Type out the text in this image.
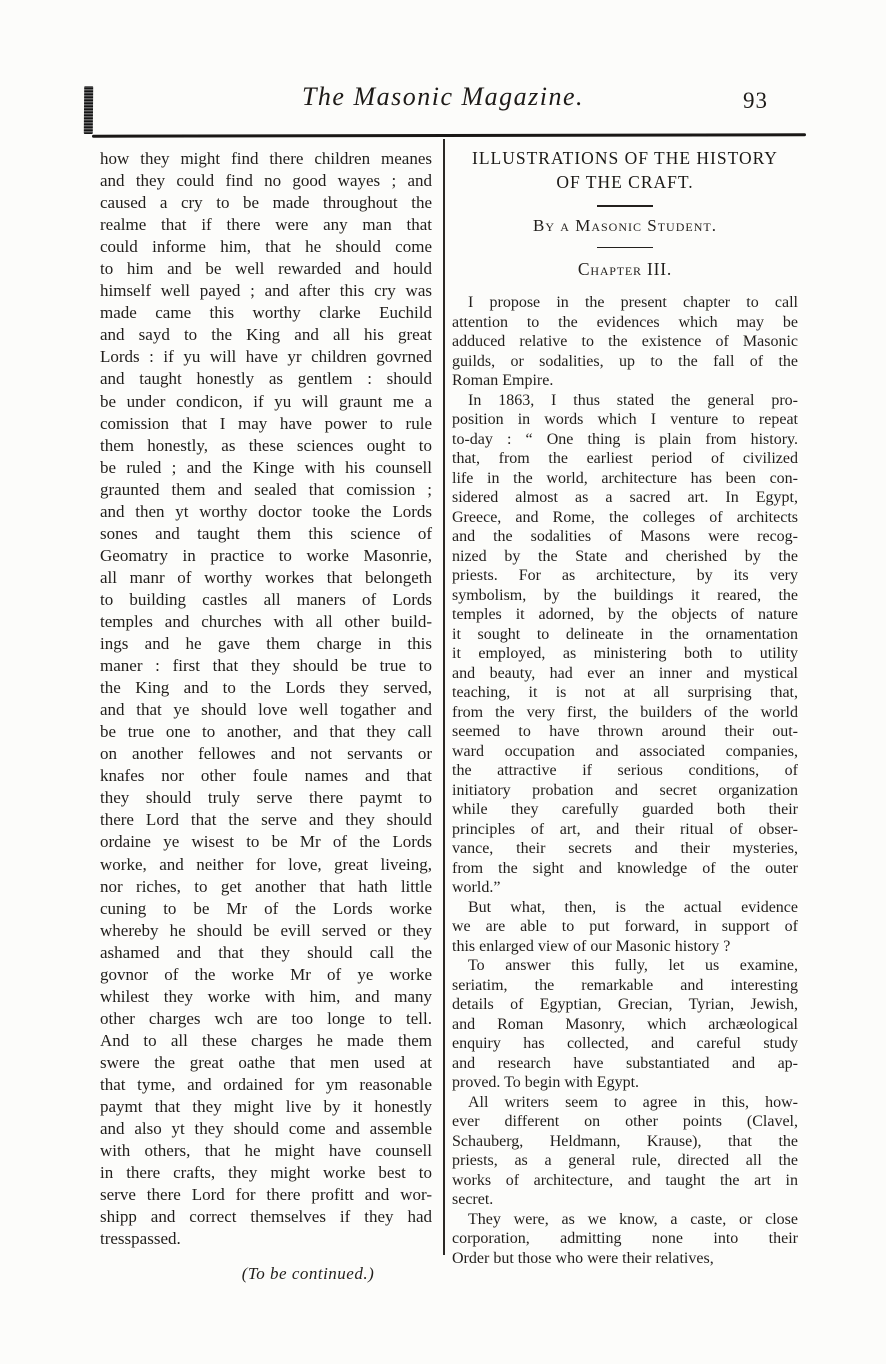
The Masonic Magazine.	93
how they might find there children meanes
and they could find no good wayes ; and
caused a cry to be made throughout the
realme that if there were any man that
could informe him, that he should come
to him and be well rewarded and hould
himself well payed ; and after this cry was
made came this worthy clarke Euchild
and sayd to the King and all his great
Lords : if yu will have yr children govrned
and taught honestly as gentlem : should
be under condicon, if yu will graunt me a
comission that I may have power to rule
them honestly, as these sciences ought to
be ruled ; and the Kinge with his counsell
graunted them and sealed that comission ;
and then yt worthy doctor tooke the Lords
sones and taught them this science of
Geomatry in practice to worke Masonrie,
all manr of worthy workes that belongeth
to building castles all maners of Lords
temples and churches with all other build-
ings and he gave them charge in this
maner : first that they should be true to
the King and to the Lords they served,
and that ye should love well togather and
be true one to another, and that they call
on another fellowes and not servants or
knafes nor other foule names and that
they should truly serve there paymt to
there Lord that the serve and they should
ordaine ye wisest to be Mr of the Lords
worke, and neither for love, great liveing,
nor riches, to get another that hath little
cuning to be Mr of the Lords worke
whereby he should be evill served or they
ashamed and that they should call the
govnor of the worke Mr of ye worke
whilest they worke with him, and many
other charges wch are too longe to tell.
And to all these charges he made them
swere the great oathe that men used at
that tyme, and ordained for ym reasonable
paymt that they might live by it honestly
and also yt they should come and assemble
with others, that he might have counsell
in there crafts, they might worke best to
serve there Lord for there profitt and wor-
shipp and correct themselves if they had
tresspassed.
(To be continued.)
ILLUSTRATIONS OF THE HISTORY
OF THE CRAFT.
By a Masonic Student.
Chapter III.
I propose in the present chapter to call
attention to the evidences which may be
adduced relative to the existence of Masonic
guilds, or sodalities, up to the fall of the
Roman Empire.
In 1863, I thus stated the general pro-
position in words which I venture to repeat
to-day : “ One thing is plain from history.
that, from the earliest period of civilized
life in the world, architecture has been con-
sidered almost as a sacred art. In Egypt,
Greece, and Rome, the colleges of architects
and the sodalities of Masons were recog-
nized by the State and cherished by the
priests. For as architecture, by its very
symbolism, by the buildings it reared, the
temples it adorned, by the objects of nature
it sought to delineate in the ornamentation
it employed, as ministering both to utility
and beauty, had ever an inner and mystical
teaching, it is not at all surprising that,
from the very first, the builders of the world
seemed to have thrown around their out-
ward occupation and associated companies,
the attractive if serious conditions, of
initiatory probation and secret organization
while they carefully guarded both their
principles of art, and their ritual of obser-
vance, their secrets and their mysteries,
from the sight and knowledge of the outer
world.”
But what, then, is the actual evidence
we are able to put forward, in support of
this enlarged view of our Masonic history ?
To answer this fully, let us examine,
seriatim, the remarkable and interesting
details of Egyptian, Grecian, Tyrian, Jewish,
and Roman Masonry, which archæological
enquiry has collected, and careful study
and research have substantiated and ap-
proved. To begin with Egypt.
All writers seem to agree in this, how-
ever different on other points (Clavel,
Schauberg, Heldmann, Krause), that the
priests, as a general rule, directed all the
works of architecture, and taught the art in
secret.
They were, as we know, a caste, or close
corporation, admitting none into their
Order but those who were their relatives,
